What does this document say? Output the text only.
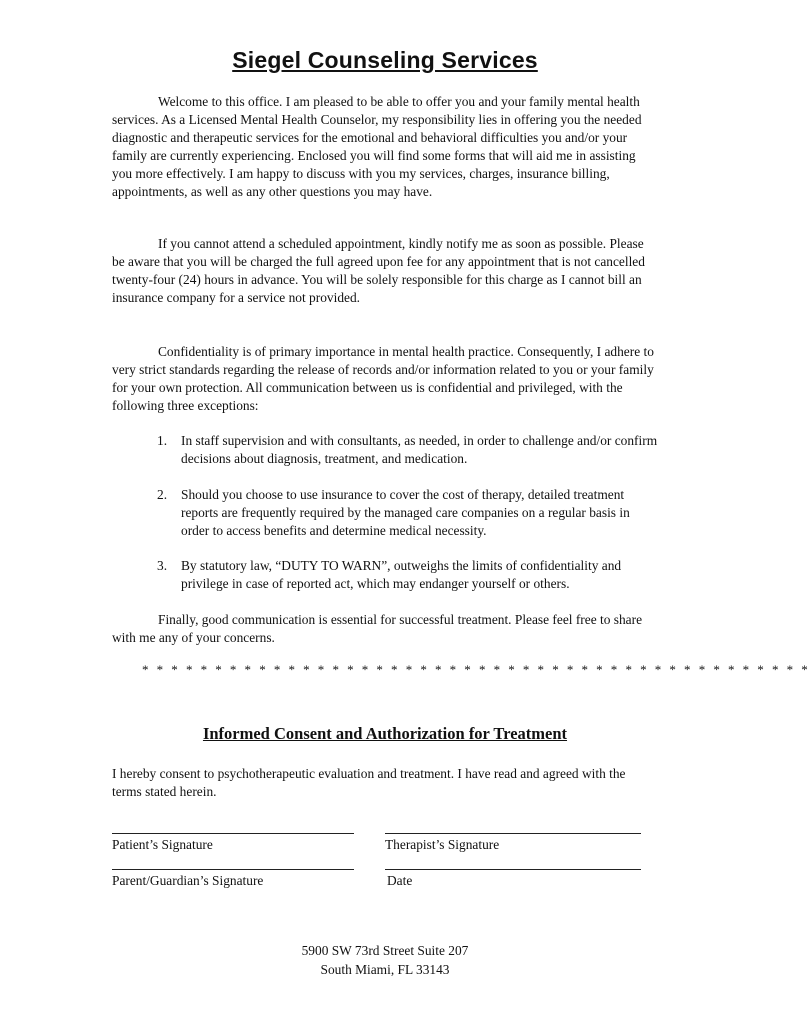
Siegel Counseling Services

Welcome to this office. I am pleased to be able to offer you and your family mental health services. As a Licensed Mental Health Counselor, my responsibility lies in offering you the needed diagnostic and therapeutic services for the emotional and behavioral difficulties you and/or your family are currently experiencing. Enclosed you will find some forms that will aid me in assisting you more effectively. I am happy to discuss with you my services, charges, insurance billing, appointments, as well as any other questions you may have.

If you cannot attend a scheduled appointment, kindly notify me as soon as possible. Please be aware that you will be charged the full agreed upon fee for any appointment that is not cancelled twenty-four (24) hours in advance. You will be solely responsible for this charge as I cannot bill an insurance company for a service not provided.

Confidentiality is of primary importance in mental health practice. Consequently, I adhere to very strict standards regarding the release of records and/or information related to you or your family for your own protection. All communication between us is confidential and privileged, with the following three exceptions:

1.	In staff supervision and with consultants, as needed, in order to challenge and/or confirm decisions about diagnosis, treatment, and medication.
2.	Should you choose to use insurance to cover the cost of therapy, detailed treatment reports are frequently required by the managed care companies on a regular basis in order to access benefits and determine medical necessity.
3.	By statutory law, “DUTY TO WARN”, outweighs the limits of confidentiality and privilege in case of reported act, which may endanger yourself or others.

Finally, good communication is essential for successful treatment. Please feel free to share with me any of your concerns.

* * * * * * * * * * * * * * * * * * * * * * * * * * * * * * * * * * * * * * * * * * * * * *
Informed Consent and Authorization for Treatment

I hereby consent to psychotherapeutic evaluation and treatment. I have read and agreed with the terms stated herein.

Patient’s Signature	Therapist’s Signature
Parent/Guardian’s Signature	Date
5900 SW 73rd Street Suite 207
South Miami, FL 33143
